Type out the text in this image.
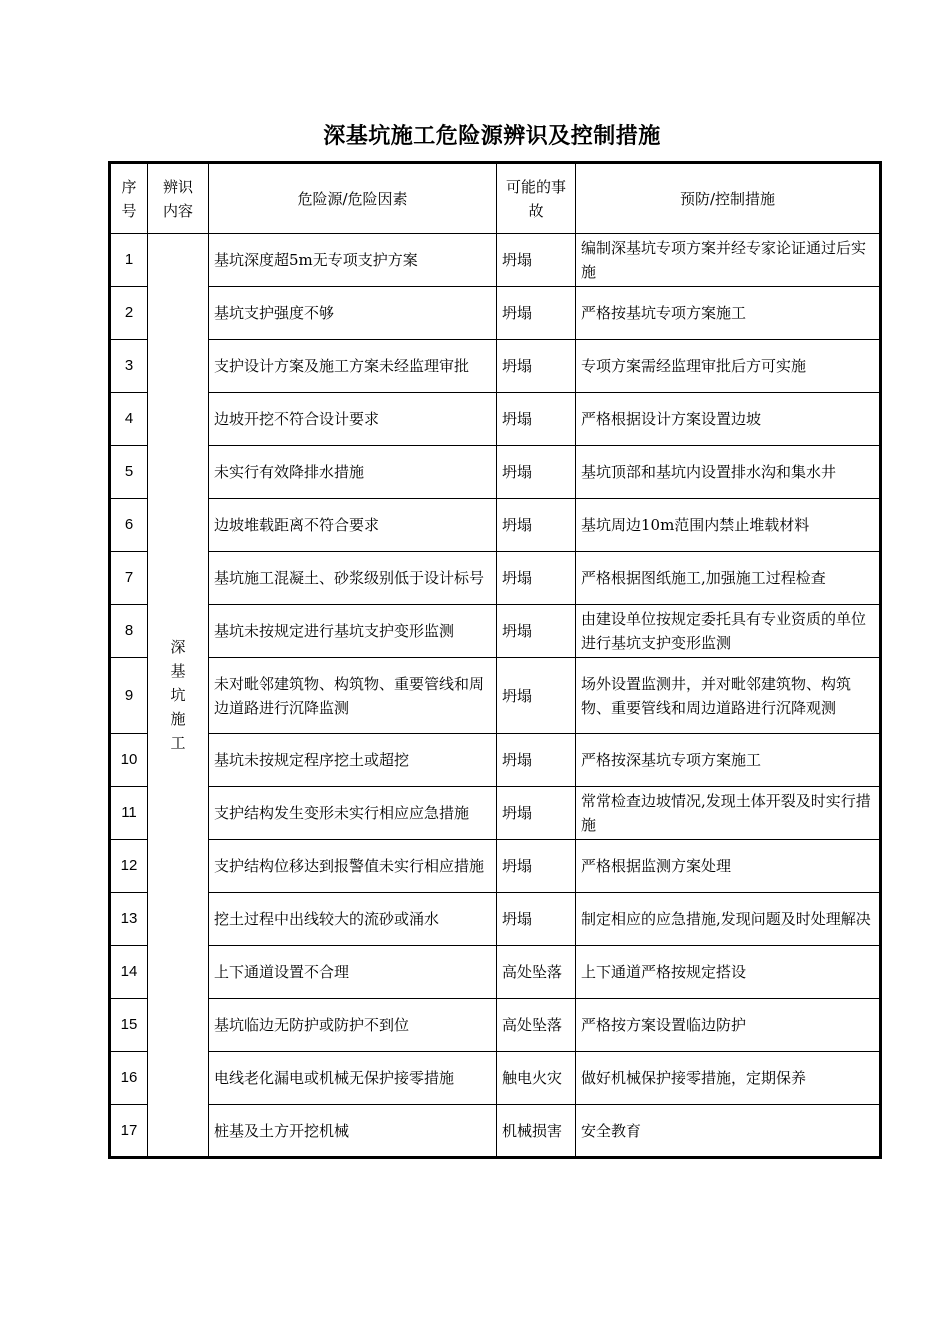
深基坑施工危险源辨识及控制措施
序号	辨识内容	危险源/危险因素	可能的事故	预防/控制措施
1	深基坑施工	基坑深度超5m无专项支护方案	坍塌	编制深基坑专项方案并经专家论证通过后实施
2		基坑支护强度不够	坍塌	严格按基坑专项方案施工
3		支护设计方案及施工方案未经监理审批	坍塌	专项方案需经监理审批后方可实施
4		边坡开挖不符合设计要求	坍塌	严格根据设计方案设置边坡
5		未实行有效降排水措施	坍塌	基坑顶部和基坑内设置排水沟和集水井
6		边坡堆载距离不符合要求	坍塌	基坑周边10m范围内禁止堆载材料
7		基坑施工混凝土、砂浆级别低于设计标号	坍塌	严格根据图纸施工,加强施工过程检查
8		基坑未按规定进行基坑支护变形监测	坍塌	由建设单位按规定委托具有专业资质的单位进行基坑支护变形监测
9		未对毗邻建筑物、构筑物、重要管线和周边道路进行沉降监测	坍塌	场外设置监测井，并对毗邻建筑物、构筑物、重要管线和周边道路进行沉降观测
10		基坑未按规定程序挖土或超挖	坍塌	严格按深基坑专项方案施工
11		支护结构发生变形未实行相应应急措施	坍塌	常常检查边坡情况,发现土体开裂及时实行措施
12		支护结构位移达到报警值未实行相应措施	坍塌	严格根据监测方案处理
13		挖土过程中出线较大的流砂或涌水	坍塌	制定相应的应急措施,发现问题及时处理解决
14		上下通道设置不合理	高处坠落	上下通道严格按规定搭设
15		基坑临边无防护或防护不到位	高处坠落	严格按方案设置临边防护
16		电线老化漏电或机械无保护接零措施	触电火灾	做好机械保护接零措施，定期保养
17		桩基及土方开挖机械	机械损害	安全教育
